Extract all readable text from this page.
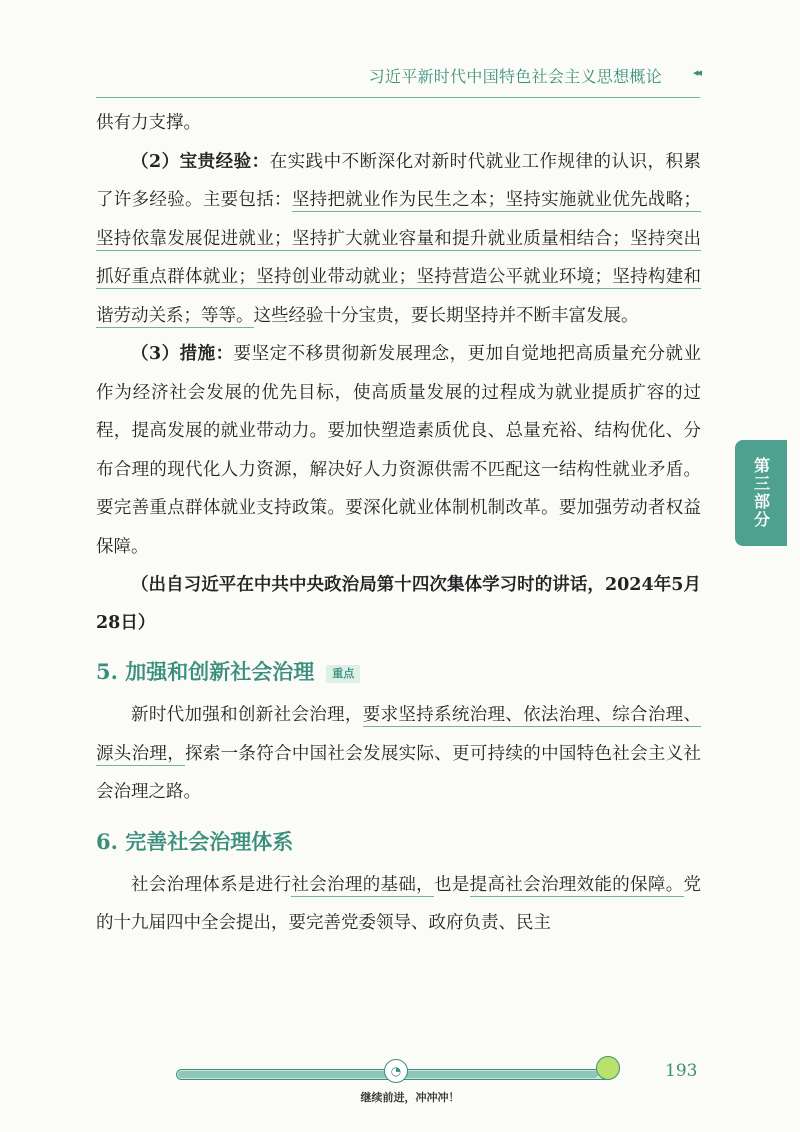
习近平新时代中国特色社会主义思想概论	◂◂
第三部分

供有力支撑。

（2）宝贵经验：在实践中不断深化对新时代就业工作规律的认识，积累了许多经验。主要包括：坚持把就业作为民生之本；坚持实施就业优先战略；坚持依靠发展促进就业；坚持扩大就业容量和提升就业质量相结合；坚持突出抓好重点群体就业；坚持创业带动就业；坚持营造公平就业环境；坚持构建和谐劳动关系；等等。这些经验十分宝贵，要长期坚持并不断丰富发展。

（3）措施：要坚定不移贯彻新发展理念，更加自觉地把高质量充分就业作为经济社会发展的优先目标，使高质量发展的过程成为就业提质扩容的过程，提高发展的就业带动力。要加快塑造素质优良、总量充裕、结构优化、分布合理的现代化人力资源，解决好人力资源供需不匹配这一结构性就业矛盾。要完善重点群体就业支持政策。要深化就业体制机制改革。要加强劳动者权益保障。

（出自习近平在中共中央政治局第十四次集体学习时的讲话，2024年5月28日）

5. 加强和创新社会治理 重点

新时代加强和创新社会治理，要求坚持系统治理、依法治理、综合治理、源头治理，探索一条符合中国社会发展实际、更可持续的中国特色社会主义社会治理之路。

6. 完善社会治理体系

社会治理体系是进行社会治理的基础，也是提高社会治理效能的保障。党的十九届四中全会提出，要完善党委领导、政府负责、民主

◔
继续前进，冲冲冲！
193
